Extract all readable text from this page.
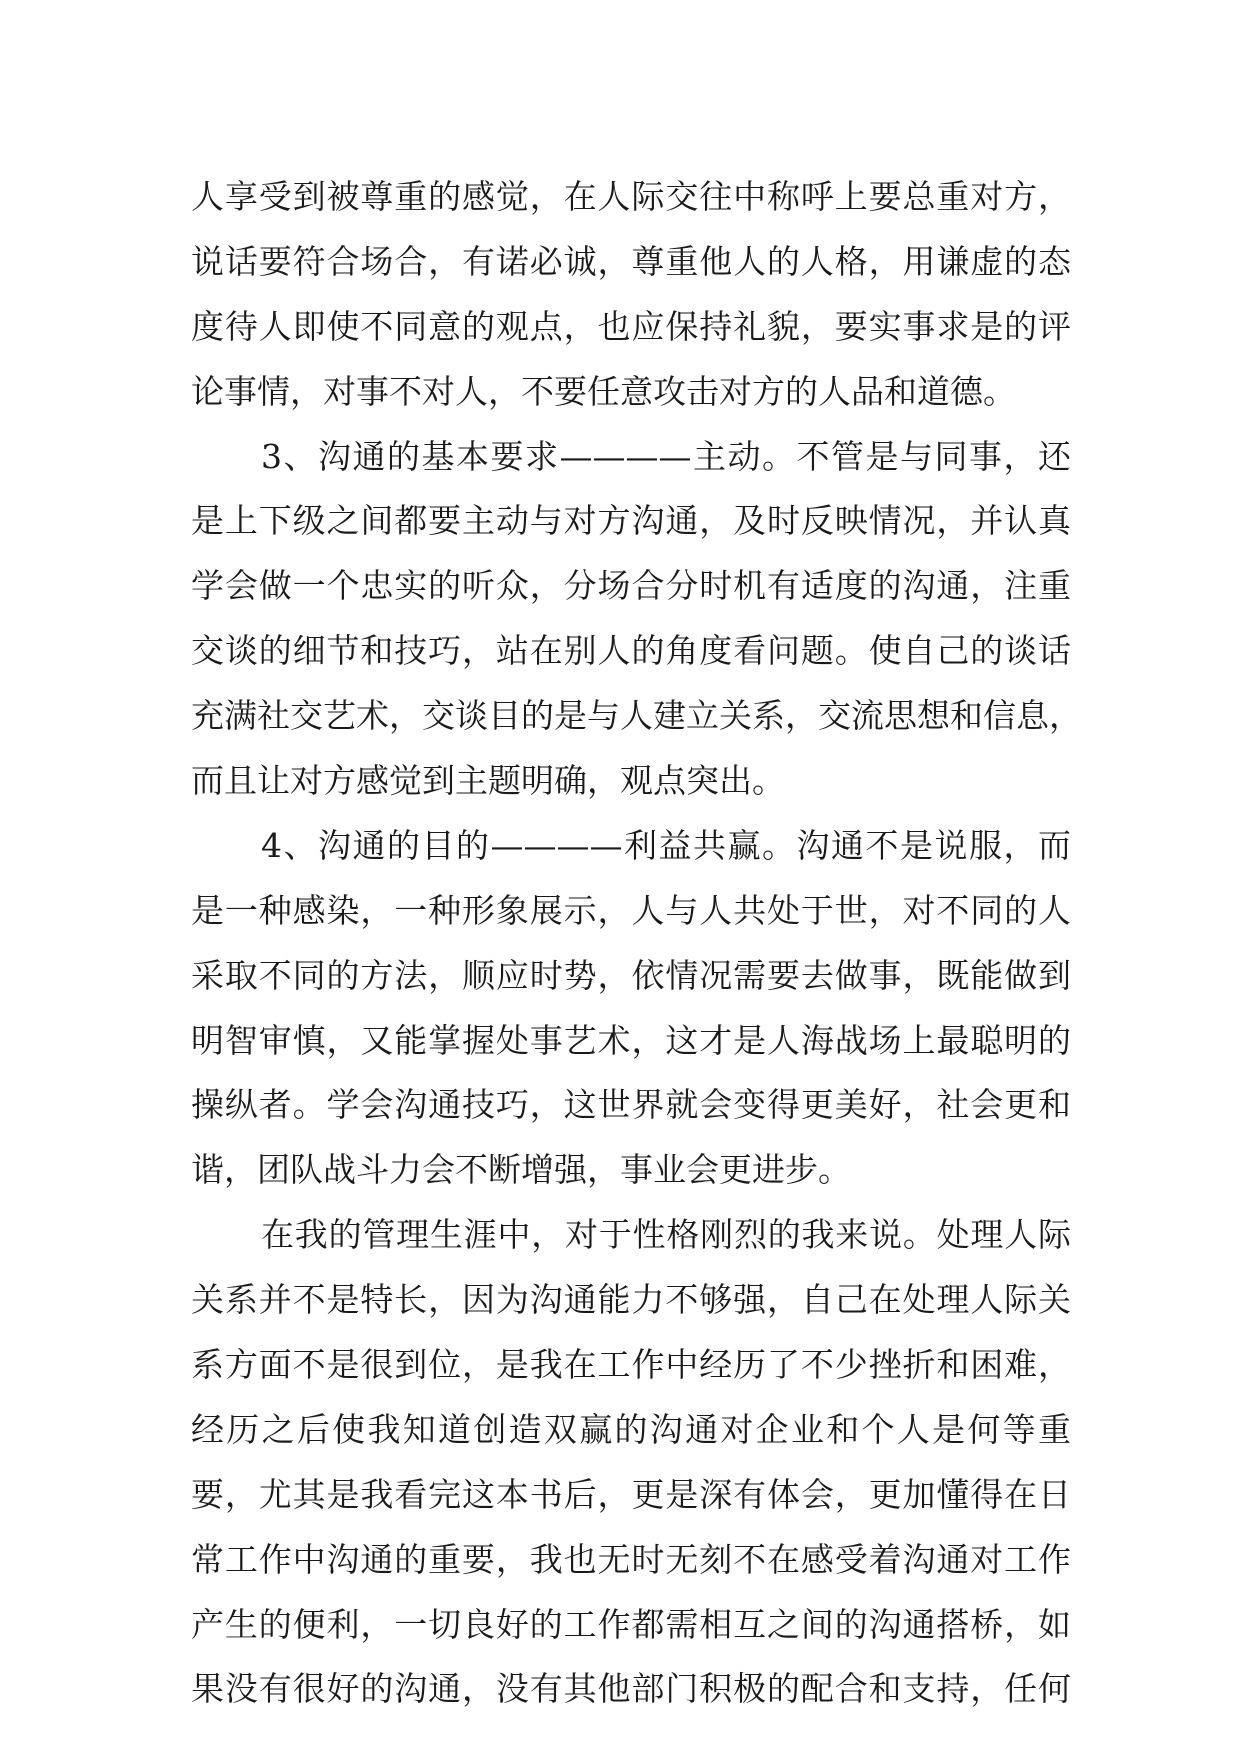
人享受到被尊重的感觉，在人际交往中称呼上要总重对方，
说话要符合场合，有诺必诚，尊重他人的人格，用谦虚的态
度待人即使不同意的观点，也应保持礼貌，要实事求是的评
论事情，对事不对人，不要任意攻击对方的人品和道德。
3、沟通的基本要求————主动。不管是与同事，还
是上下级之间都要主动与对方沟通，及时反映情况，并认真
学会做一个忠实的听众，分场合分时机有适度的沟通，注重
交谈的细节和技巧，站在别人的角度看问题。使自己的谈话
充满社交艺术，交谈目的是与人建立关系，交流思想和信息，
而且让对方感觉到主题明确，观点突出。
4、沟通的目的————利益共赢。沟通不是说服，而
是一种感染，一种形象展示，人与人共处于世，对不同的人
采取不同的方法，顺应时势，依情况需要去做事，既能做到
明智审慎，又能掌握处事艺术，这才是人海战场上最聪明的
操纵者。学会沟通技巧，这世界就会变得更美好，社会更和
谐，团队战斗力会不断增强，事业会更进步。
在我的管理生涯中，对于性格刚烈的我来说。处理人际
关系并不是特长，因为沟通能力不够强，自己在处理人际关
系方面不是很到位，是我在工作中经历了不少挫折和困难，
经历之后使我知道创造双赢的沟通对企业和个人是何等重
要，尤其是我看完这本书后，更是深有体会，更加懂得在日
常工作中沟通的重要，我也无时无刻不在感受着沟通对工作
产生的便利，一切良好的工作都需相互之间的沟通搭桥，如
果没有很好的沟通，没有其他部门积极的配合和支持，任何
